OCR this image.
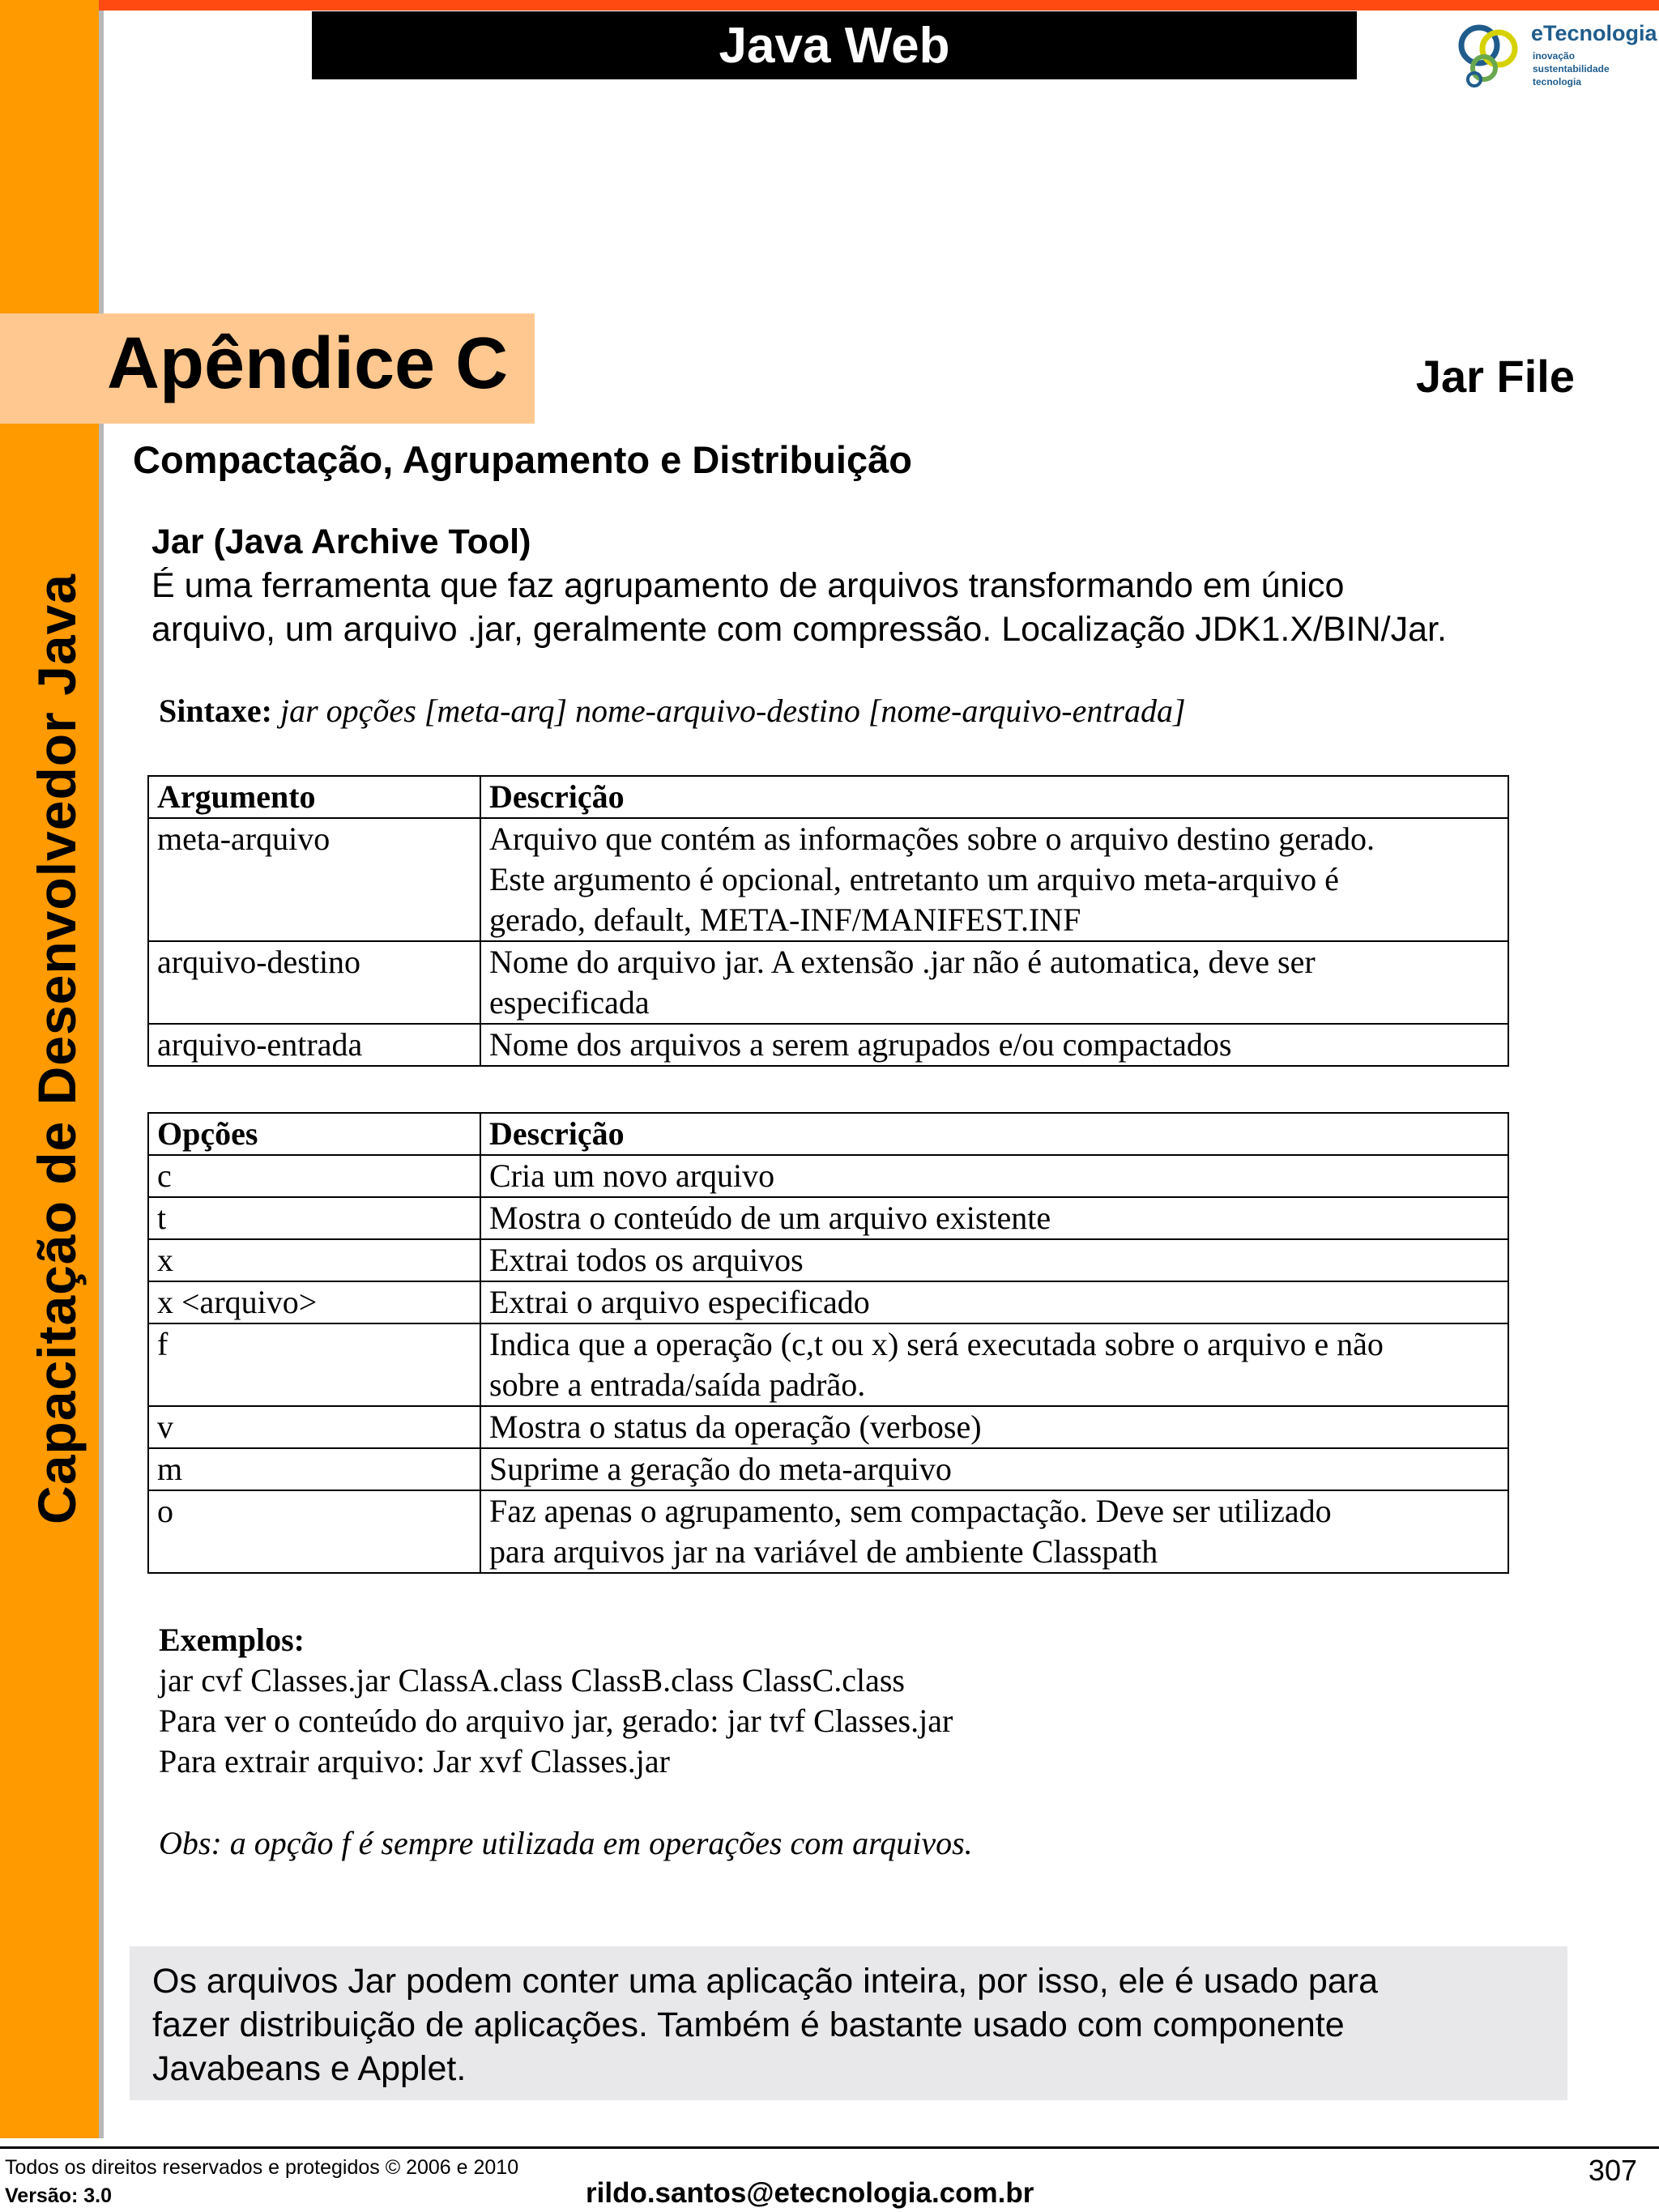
Capacitação de Desenvolvedor Java
Java Web	eTecnologia
inovação
sustentabilidade
tecnologia
Apêndice C	Jar File
Compactação, Agrupamento e Distribuição
Jar (Java Archive Tool)
É uma ferramenta que faz agrupamento de arquivos transformando em único
arquivo, um arquivo .jar, geralmente com compressão. Localização JDK1.X/BIN/Jar.
Sintaxe: jar opções [meta-arq] nome-arquivo-destino [nome-arquivo-entrada]
Argumento	Descrição
meta-arquivo	Arquivo que contém as informações sobre o arquivo destino gerado.
Este argumento é opcional, entretanto um arquivo meta-arquivo é
gerado, default, META-INF/MANIFEST.INF

arquivo-destino	Nome do arquivo jar. A extensão .jar não é automatica, deve ser
especificada

arquivo-entrada	Nome dos arquivos a serem agrupados e/ou compactados
Opções	Descrição
c	Cria um novo arquivo

t	Mostra o conteúdo de um arquivo existente

x	Extrai todos os arquivos

x <arquivo>	Extrai o arquivo especificado

f	Indica que a operação (c,t ou x) será executada sobre o arquivo e não
sobre a entrada/saída padrão.

v	Mostra o status da operação (verbose)

m	Suprime a geração do meta-arquivo

o	Faz apenas o agrupamento, sem compactação. Deve ser utilizado
para arquivos jar na variável de ambiente Classpath
Exemplos:
jar cvf Classes.jar ClassA.class ClassB.class ClassC.class
Para ver o conteúdo do arquivo jar, gerado: jar tvf Classes.jar
Para extrair arquivo: Jar xvf Classes.jar
Obs: a opção f é sempre utilizada em operações com arquivos.
Os arquivos Jar podem conter uma aplicação inteira, por isso, ele é usado para
fazer distribuição de aplicações. Também é bastante usado com componente
Javabeans e Applet.
Todos os direitos reservados e protegidos © 2006 e 2010
Versão: 3.0	rildo.santos@etecnologia.com.br
307
